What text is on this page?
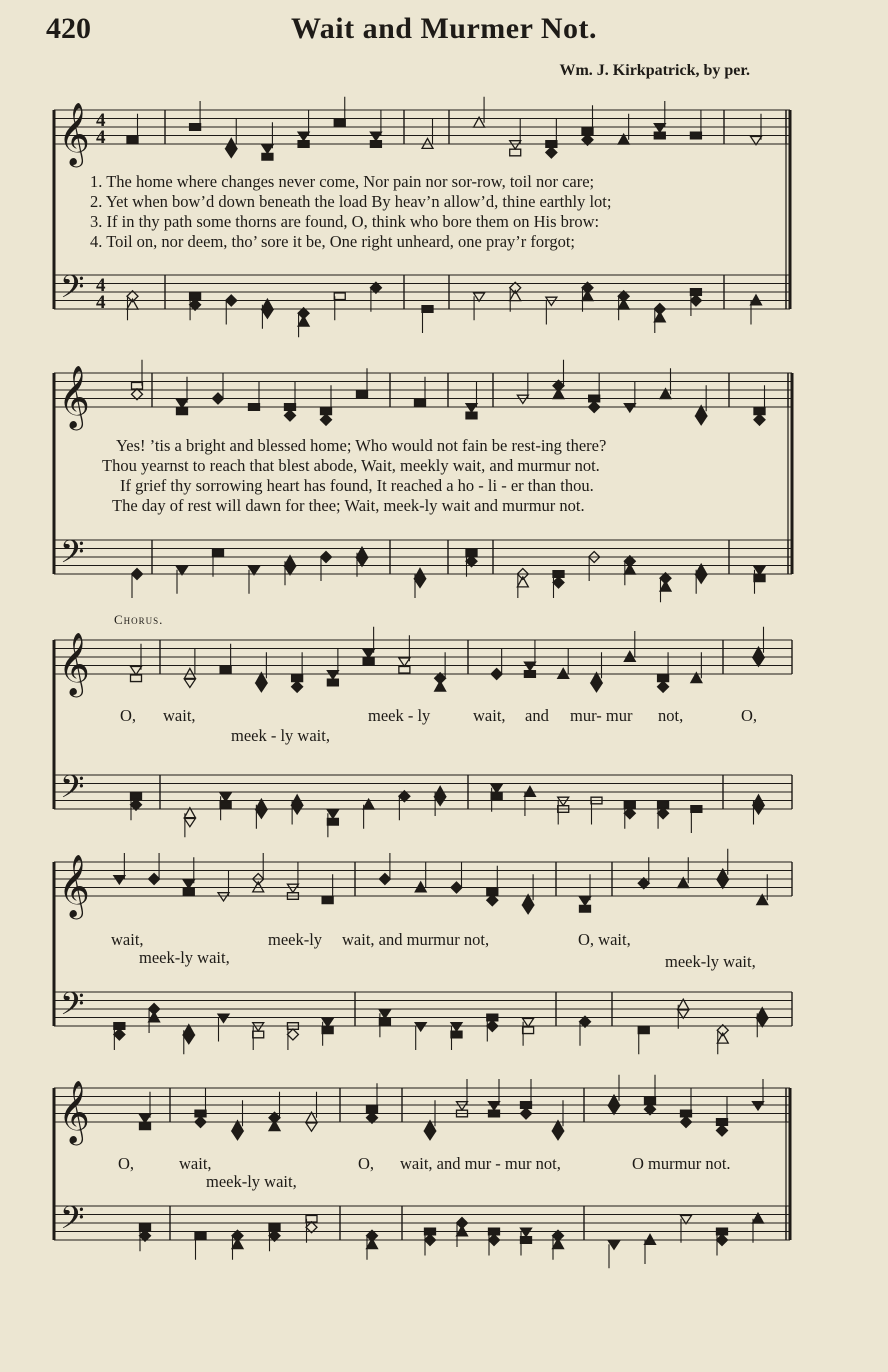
420	Wait and Murmer Not.
Wm. J. Kirkpatrick, by per.
𝄞
𝄢
4
4
4
4
𝄞
𝄢
𝄞
𝄢
𝄞
𝄢
𝄞
𝄢
1. The home where changes never come, Nor pain nor sor-row, toil nor care;
2. Yet when bow’d down beneath the load By heav’n allow’d, thine earthly lot;
3. If in thy path some thorns are found, O, think who bore them on His brow:
4. Toil on, nor deem, tho’ sore it be, One right unheard, one pray’r forgot;
Yes! ’tis a bright and blessed home; Who would not fain be rest-ing there?
Thou yearnst to reach that blest abode, Wait, meekly wait, and murmur not.
If grief thy sorrowing heart has found, It reached a ho - li - er than thou.
The day of rest will dawn for thee; Wait, meek-ly wait and murmur not.
Chorus.
O, wait,	meek - ly	wait, and mur- mur not,	O,
meek - ly wait,
wait,	meek-ly wait, and murmur not,	O, wait,
meek-ly wait,	meek-ly wait,
O,	wait,	O, wait, and mur - mur not,	O murmur not.
meek-ly wait,
